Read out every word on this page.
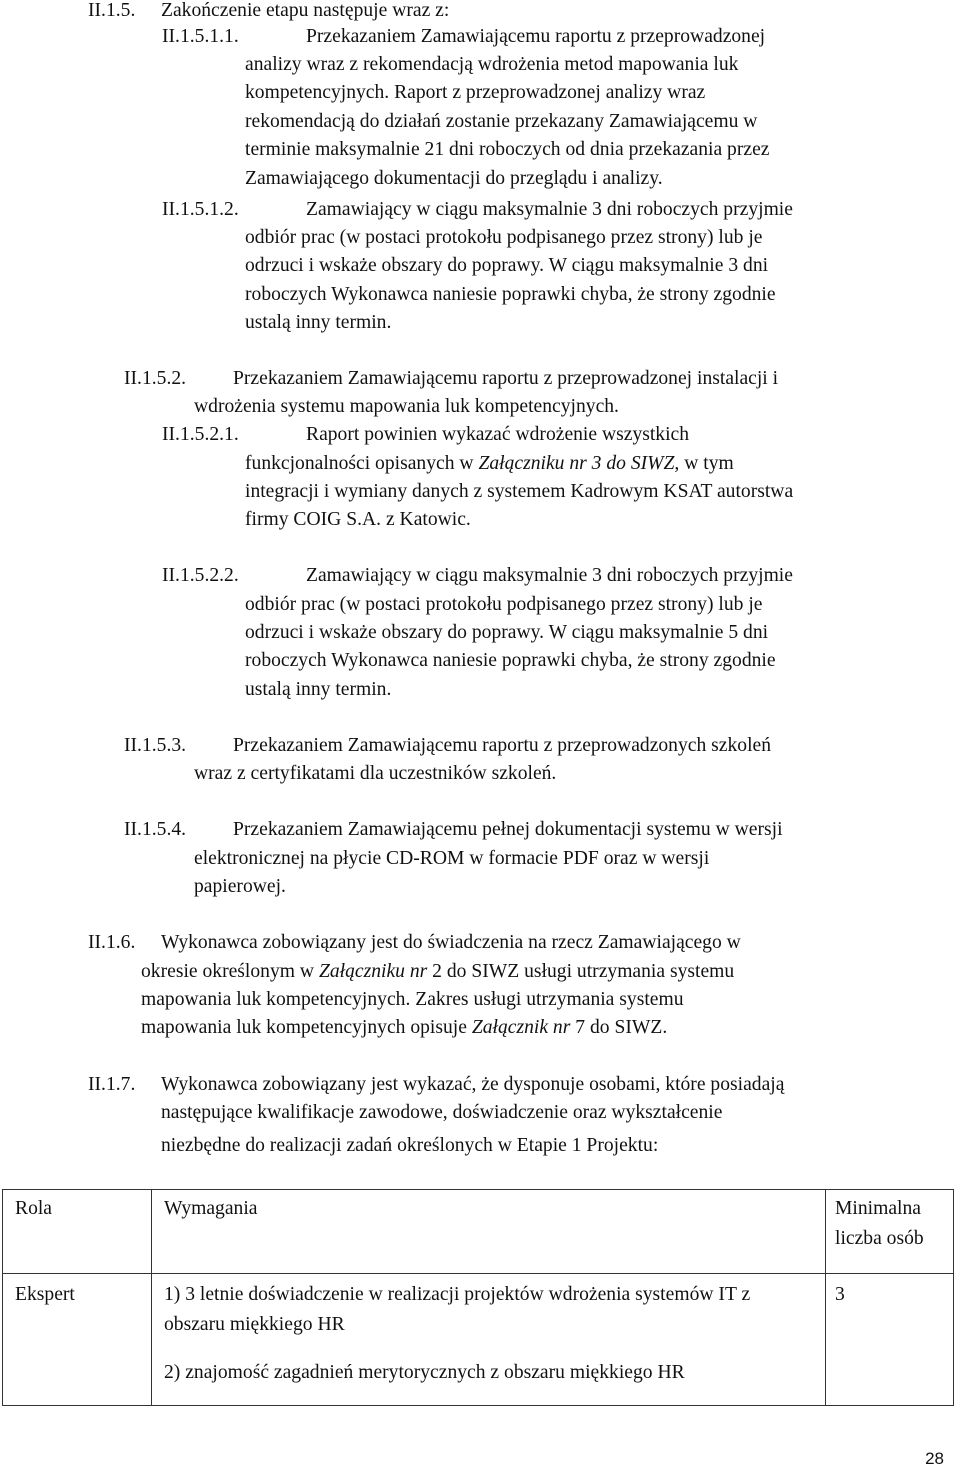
II.1.5. Zakończenie etapu następuje wraz z:
II.1.5.1.1.	Przekazaniem Zamawiającemu raportu z przeprowadzonej
analizy wraz z rekomendacją wdrożenia metod mapowania luk
kompetencyjnych. Raport z przeprowadzonej analizy wraz
rekomendacją do działań zostanie przekazany Zamawiającemu w
terminie maksymalnie 21 dni roboczych od dnia przekazania przez
Zamawiającego dokumentacji do przeglądu i analizy.
II.1.5.1.2.	Zamawiający w ciągu maksymalnie 3 dni roboczych przyjmie
odbiór prac (w postaci protokołu podpisanego przez strony) lub je
odrzuci i wskaże obszary do poprawy. W ciągu maksymalnie 3 dni
roboczych Wykonawca naniesie poprawki chyba, że strony zgodnie
ustalą inny termin.
II.1.5.2. Przekazaniem Zamawiającemu raportu z przeprowadzonej instalacji i
wdrożenia systemu mapowania luk kompetencyjnych.
II.1.5.2.1.	Raport powinien wykazać wdrożenie wszystkich
funkcjonalności opisanych w Załączniku nr 3 do SIWZ, w tym
integracji i wymiany danych z systemem Kadrowym KSAT autorstwa
firmy COIG S.A. z Katowic.
II.1.5.2.2.	Zamawiający w ciągu maksymalnie 3 dni roboczych przyjmie
odbiór prac (w postaci protokołu podpisanego przez strony) lub je
odrzuci i wskaże obszary do poprawy. W ciągu maksymalnie 5 dni
roboczych Wykonawca naniesie poprawki chyba, że strony zgodnie
ustalą inny termin.
II.1.5.3. Przekazaniem Zamawiającemu raportu z przeprowadzonych szkoleń
wraz z certyfikatami dla uczestników szkoleń.
II.1.5.4. Przekazaniem Zamawiającemu pełnej dokumentacji systemu w wersji
elektronicznej na płycie CD-ROM w formacie PDF oraz w wersji
papierowej.
II.1.6. Wykonawca zobowiązany jest do świadczenia na rzecz Zamawiającego w
okresie określonym w Załączniku nr 2 do SIWZ usługi utrzymania systemu
mapowania luk kompetencyjnych. Zakres usługi utrzymania systemu
mapowania luk kompetencyjnych opisuje Załącznik nr 7 do SIWZ.
II.1.7. Wykonawca zobowiązany jest wykazać, że dysponuje osobami, które posiadają
następujące kwalifikacje zawodowe, doświadczenie oraz wykształcenie
niezbędne do realizacji zadań określonych w Etapie 1 Projektu:
Rola	Wymagania	Minimalna liczba osób

Ekspert	1) 3 letnie doświadczenie w realizacji projektów wdrożenia systemów IT z obszaru miękkiego HR
2) znajomość zagadnień merytorycznych z obszaru miękkiego HR	3
28
